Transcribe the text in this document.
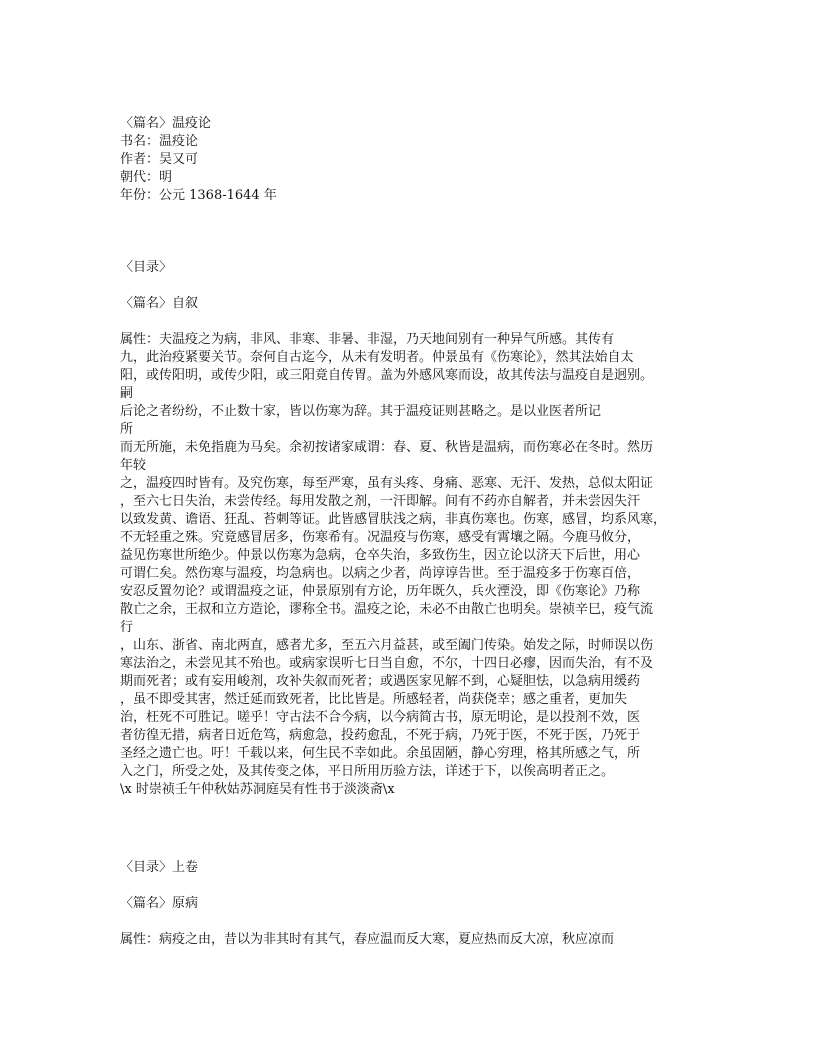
〈篇名〉温疫论
书名：温疫论
作者：吴又可
朝代：明
年份：公元 1368-1644 年
〈目录〉
〈篇名〉自叙
属性：夫温疫之为病，非风、非寒、非暑、非湿，乃天地间别有一种异气所感。其传有
九，此治疫紧要关节。奈何自古迄今，从未有发明者。仲景虽有《伤寒论》，然其法始自太
阳，或传阳明，或传少阳，或三阳竟自传胃。盖为外感风寒而设，故其传法与温疫自是迥别。
嗣
后论之者纷纷，不止数十家，皆以伤寒为辞。其于温疫证则甚略之。是以业医者所记
所
而无所施，未免指鹿为马矣。余初按诸家咸谓：春、夏、秋皆是温病，而伤寒必在冬时。然历
年较
之，温疫四时皆有。及究伤寒，每至严寒，虽有头疼、身痛、恶寒、无汗、发热，总似太阳证
，至六七日失治，未尝传经。每用发散之剂，一汗即解。间有不药亦自解者，并未尝因失汗
以致发黄、谵语、狂乱、苔刺等证。此皆感冒肤浅之病，非真伤寒也。伤寒，感冒，均系风寒，
不无轻重之殊。究竟感冒居多，伤寒希有。况温疫与伤寒，感受有霄壤之隔。今鹿马攸分，
益见伤寒世所绝少。仲景以伤寒为急病，仓卒失治，多致伤生，因立论以济天下后世，用心
可谓仁矣。然伤寒与温疫，均急病也。以病之少者，尚谆谆告世。至于温疫多于伤寒百倍，
安忍反置勿论？或谓温疫之证，仲景原别有方论，历年既久，兵火湮没，即《伤寒论》乃称
散亡之余，王叔和立方造论，谬称全书。温疫之论，未必不由散亡也明矣。崇祯辛巳，疫气流
行
，山东、浙省、南北两直，感者尤多，至五六月益甚，或至阖门传染。始发之际，时师误以伤
寒法治之，未尝见其不殆也。或病家误听七日当自愈，不尔，十四日必瘳，因而失治，有不及
期而死者；或有妄用峻剂，攻补失叙而死者；或遇医家见解不到，心疑胆怯，以急病用缓药
，虽不即受其害，然迁延而致死者，比比皆是。所感轻者，尚获侥幸；感之重者，更加失
治，枉死不可胜记。嗟乎！守古法不合今病，以今病简古书，原无明论，是以投剂不效，医
者彷徨无措，病者日近危笃，病愈急，投药愈乱，不死于病，乃死于医，不死于医，乃死于
圣经之遗亡也。吁！千载以来，何生民不幸如此。余虽固陋，静心穷理，格其所感之气，所
入之门，所受之处，及其传变之体，平日所用历验方法，详述于下，以俟高明者正之。
\x 时崇祯壬午仲秋姑苏洞庭吴有性书于淡淡斋\x
〈目录〉上卷
〈篇名〉原病
属性：病疫之由，昔以为非其时有其气，春应温而反大寒，夏应热而反大凉，秋应凉而
